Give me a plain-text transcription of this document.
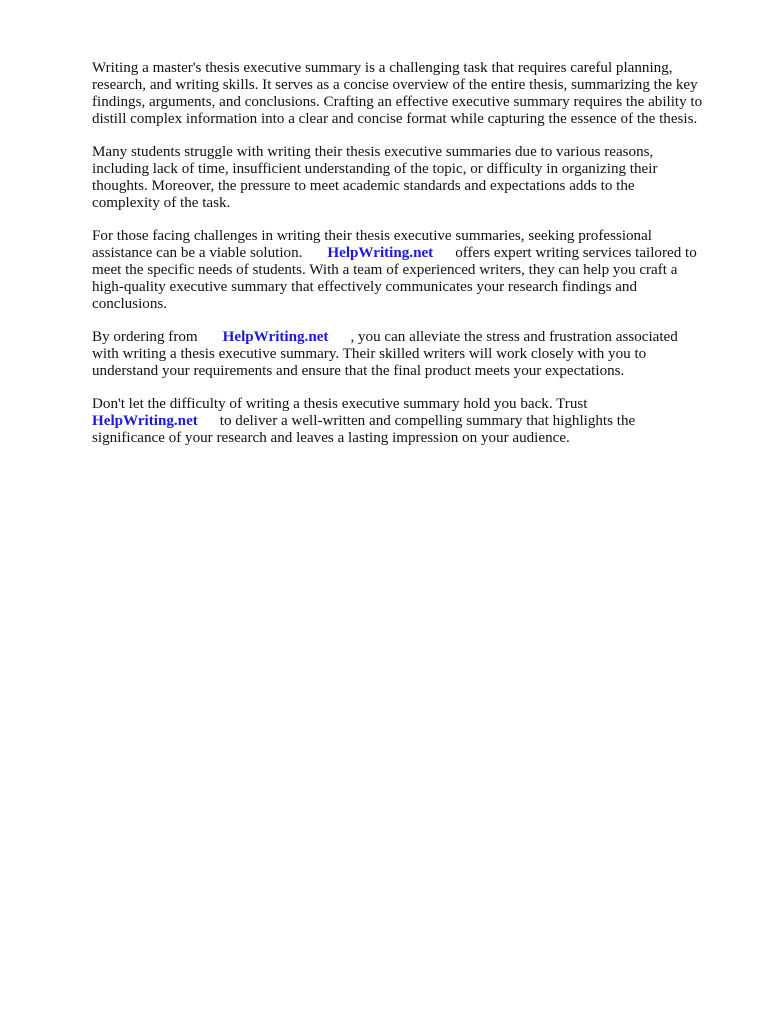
Writing a master's thesis executive summary is a challenging task that requires careful planning,
research, and writing skills. It serves as a concise overview of the entire thesis, summarizing the key
findings, arguments, and conclusions. Crafting an effective executive summary requires the ability to
distill complex information into a clear and concise format while capturing the essence of the thesis.

Many students struggle with writing their thesis executive summaries due to various reasons,
including lack of time, insufficient understanding of the topic, or difficulty in organizing their
thoughts. Moreover, the pressure to meet academic standards and expectations adds to the
complexity of the task.

For those facing challenges in writing their thesis executive summaries, seeking professional
assistance can be a viable solution. HelpWriting.net offers expert writing services tailored to
meet the specific needs of students. With a team of experienced writers, they can help you craft a
high-quality executive summary that effectively communicates your research findings and
conclusions.

By ordering from HelpWriting.net , you can alleviate the stress and frustration associated
with writing a thesis executive summary. Their skilled writers will work closely with you to
understand your requirements and ensure that the final product meets your expectations.

Don't let the difficulty of writing a thesis executive summary hold you back. Trust
HelpWriting.net to deliver a well-written and compelling summary that highlights the
significance of your research and leaves a lasting impression on your audience.
